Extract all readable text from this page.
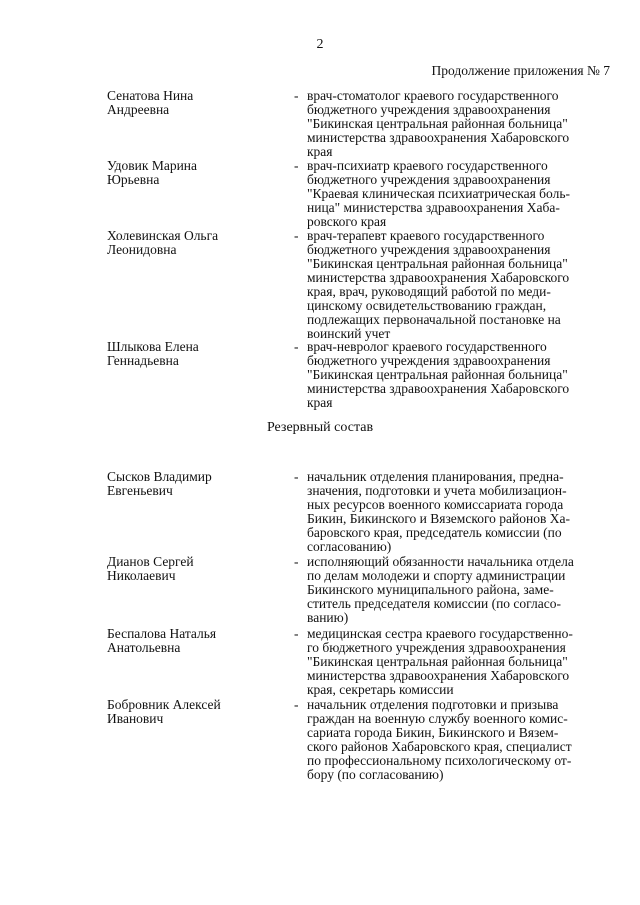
2
Продолжение приложения № 7
Сенатова Нина
Андреевна
- врач-стоматолог краевого государственного
бюджетного учреждения здравоохранения
"Бикинская центральная районная больница"
министерства здравоохранения Хабаровского
края
Удовик Марина
Юрьевна
- врач-психиатр краевого государственного
бюджетного учреждения здравоохранения
"Краевая клиническая психиатрическая боль-
ница" министерства здравоохранения Хаба-
ровского края
Холевинская Ольга
Леонидовна
- врач-терапевт краевого государственного
бюджетного учреждения здравоохранения
"Бикинская центральная районная больница"
министерства здравоохранения Хабаровского
края, врач, руководящий работой по меди-
цинскому освидетельствованию граждан,
подлежащих первоначальной постановке на
воинский учет
Шлыкова Елена
Геннадьевна
- врач-невролог краевого государственного
бюджетного учреждения здравоохранения
"Бикинская центральная районная больница"
министерства здравоохранения Хабаровского
края
Резервный состав
Сысков Владимир
Евгеньевич
- начальник отделения планирования, предна-
значения, подготовки и учета мобилизацион-
ных ресурсов военного комиссариата города
Бикин, Бикинского и Вяземского районов Ха-
баровского края, председатель комиссии (по
согласованию)
Дианов Сергей
Николаевич
- исполняющий обязанности начальника отдела
по делам молодежи и спорту администрации
Бикинского муниципального района, заме-
ститель председателя комиссии (по согласо-
ванию)
Беспалова Наталья
Анатольевна
- медицинская сестра краевого государственно-
го бюджетного учреждения здравоохранения
"Бикинская центральная районная больница"
министерства здравоохранения Хабаровского
края, секретарь комиссии
Бобровник Алексей
Иванович
- начальник отделения подготовки и призыва
граждан на военную службу военного комис-
сариата города Бикин, Бикинского и Вязем-
ского районов Хабаровского края, специалист
по профессиональному психологическому от-
бору (по согласованию)
